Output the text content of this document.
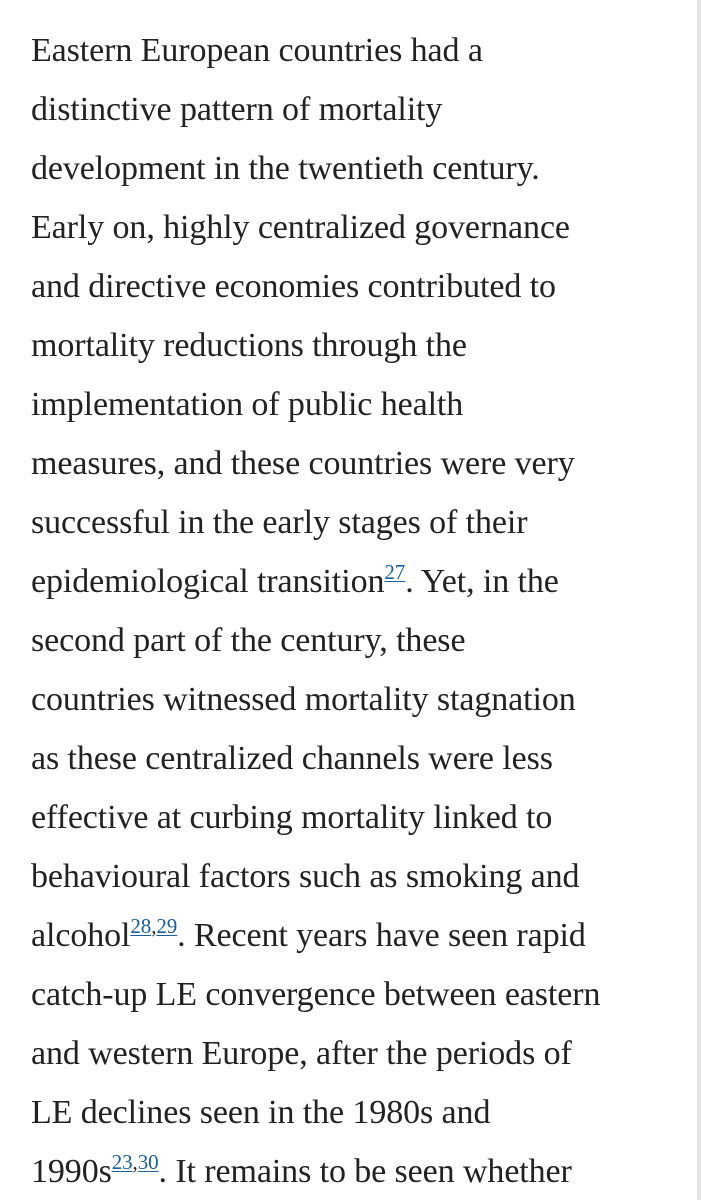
Eastern European countries had a
distinctive pattern of mortality
development in the twentieth century.
Early on, highly centralized governance
and directive economies contributed to
mortality reductions through the
implementation of public health
measures, and these countries were very
successful in the early stages of their
epidemiological transition$^{27}$. Yet, in the
second part of the century, these
countries witnessed mortality stagnation
as these centralized channels were less
effective at curbing mortality linked to
behavioural factors such as smoking and
alcohol$^{28,29}$. Recent years have seen rapid
catch-up LE convergence between eastern
and western Europe, after the periods of
LE declines seen in the 1980s and
1990s$^{23,30}$. It remains to be seen whether
